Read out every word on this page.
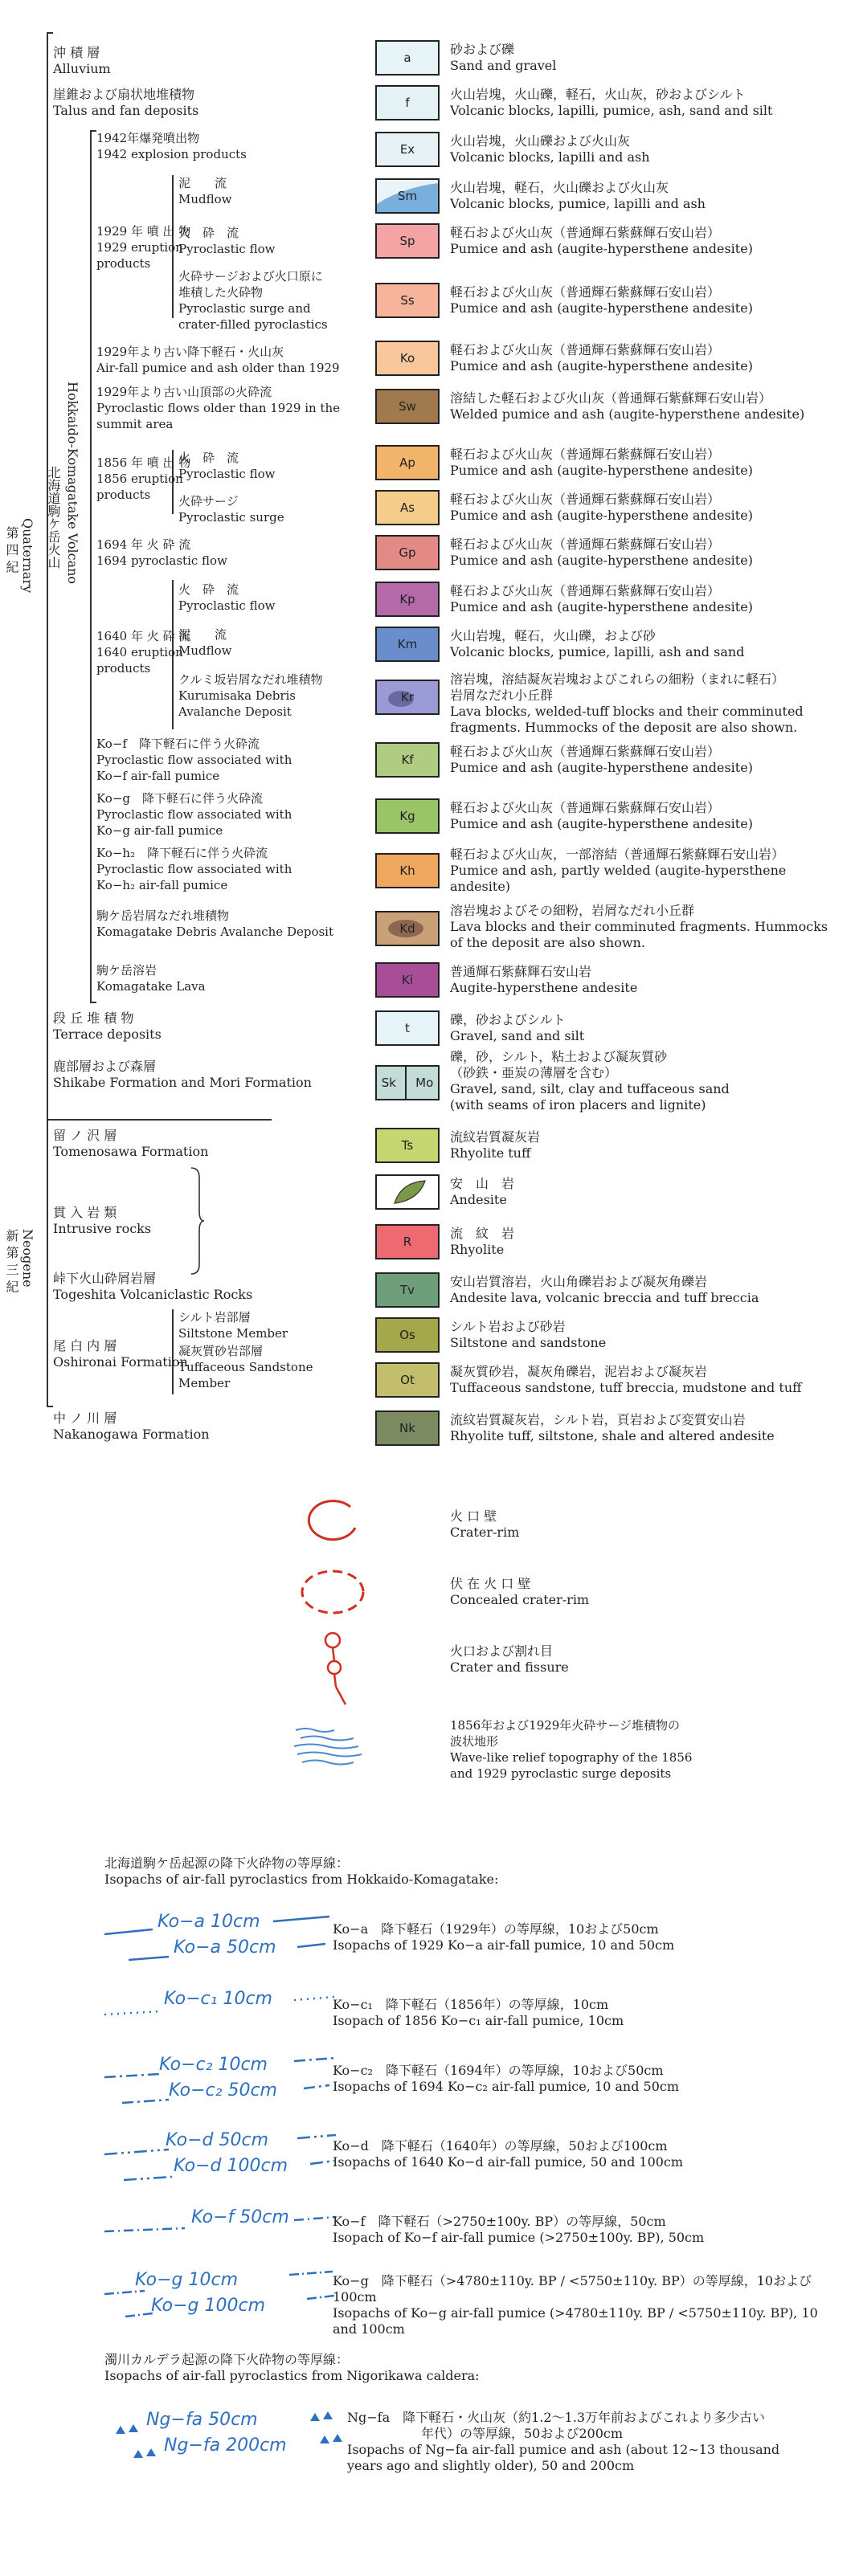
第 四 紀 Quaternary 北海道駒ケ岳火山 Hokkaido-Komagatake Volcano
新 第 三 紀 Neogene
沖 積 層
Alluvium
崖錐および扇状地堆積物
Talus and fan deposits
1942年爆発噴出物
1942 explosion products
1929 年 噴 出 物
1929 eruption
products
泥　　流
Mudflow
火　砕　流
Pyroclastic flow
火砕サージおよび火口原に
堆積した火砕物
Pyroclastic surge and
crater-filled pyroclastics
1929年より古い降下軽石・火山灰
Air-fall pumice and ash older than 1929
1929年より古い山頂部の火砕流
Pyroclastic flows older than 1929 in the
summit area
1856 年 噴 出 物
1856 eruption
products
火　砕　流
Pyroclastic flow
火砕サージ
Pyroclastic surge
1694 年 火 砕 流
1694 pyroclastic flow
1640 年 火 砕 流
1640 eruption
products
火　砕　流
Pyroclastic flow
泥　　流
Mudflow
クルミ坂岩屑なだれ堆積物
Kurumisaka Debris
Avalanche Deposit
Ko−f　降下軽石に伴う火砕流
Pyroclastic flow associated with
Ko−f air-fall pumice
Ko−g　降下軽石に伴う火砕流
Pyroclastic flow associated with
Ko−g air-fall pumice
Ko−h₂　降下軽石に伴う火砕流
Pyroclastic flow associated with
Ko−h₂ air-fall pumice
駒ケ岳岩屑なだれ堆積物
Komagatake Debris Avalanche Deposit
駒ケ岳溶岩
Komagatake Lava
段 丘 堆 積 物
Terrace deposits
鹿部層および森層
Shikabe Formation and Mori Formation
留 ノ 沢 層
Tomenosawa Formation
貫 入 岩 類
Intrusive rocks
峠下火山砕屑岩層
Togeshita Volcaniclastic Rocks
尾 白 内 層
Oshironai Formation
シルト岩部層
Siltstone Member
凝灰質砂岩部層
Tuffaceous Sandstone
Member
中 ノ 川 層
Nakanogawa Formation
a
砂および礫
Sand and gravel
f
火山岩塊，火山礫，軽石，火山灰，砂およびシルト
Volcanic blocks, lapilli, pumice, ash, sand and silt
Ex
火山岩塊，火山礫および火山灰
Volcanic blocks, lapilli and ash
Sm
火山岩塊，軽石，火山礫および火山灰
Volcanic blocks, pumice, lapilli and ash
Sp
軽石および火山灰（普通輝石紫蘇輝石安山岩）
Pumice and ash (augite-hypersthene andesite)
Ss
軽石および火山灰（普通輝石紫蘇輝石安山岩）
Pumice and ash (augite-hypersthene andesite)
Ko
軽石および火山灰（普通輝石紫蘇輝石安山岩）
Pumice and ash (augite-hypersthene andesite)
Sw
溶結した軽石および火山灰（普通輝石紫蘇輝石安山岩）
Welded pumice and ash (augite-hypersthene andesite)
Ap
軽石および火山灰（普通輝石紫蘇輝石安山岩）
Pumice and ash (augite-hypersthene andesite)
As
軽石および火山灰（普通輝石紫蘇輝石安山岩）
Pumice and ash (augite-hypersthene andesite)
Gp
軽石および火山灰（普通輝石紫蘇輝石安山岩）
Pumice and ash (augite-hypersthene andesite)
Kp
軽石および火山灰（普通輝石紫蘇輝石安山岩）
Pumice and ash (augite-hypersthene andesite)
Km
火山岩塊，軽石，火山礫，および砂
Volcanic blocks, pumice, lapilli, ash and sand
Kr
溶岩塊，溶結凝灰岩塊およびこれらの細粉（まれに軽石）
岩屑なだれ小丘群
Lava blocks, welded-tuff blocks and their comminuted
fragments. Hummocks of the deposit are also shown.
Kf
軽石および火山灰（普通輝石紫蘇輝石安山岩）
Pumice and ash (augite-hypersthene andesite)
Kg
軽石および火山灰（普通輝石紫蘇輝石安山岩）
Pumice and ash (augite-hypersthene andesite)
Kh
軽石および火山灰，一部溶結（普通輝石紫蘇輝石安山岩）
Pumice and ash, partly welded (augite-hypersthene
andesite)
Kd
溶岩塊およびその細粉，岩屑なだれ小丘群
Lava blocks and their comminuted fragments. Hummocks
of the deposit are also shown.
Ki
普通輝石紫蘇輝石安山岩
Augite-hypersthene andesite
t
礫，砂およびシルト
Gravel, sand and silt
Sk Mo
礫，砂，シルト，粘土および凝灰質砂
（砂鉄・亜炭の薄層を含む）
Gravel, sand, silt, clay and tuffaceous sand
(with seams of iron placers and lignite)
Ts
流紋岩質凝灰岩
Rhyolite tuff
安　山　岩
Andesite
R
流　紋　岩
Rhyolite
Tv
安山岩質溶岩，火山角礫岩および凝灰角礫岩
Andesite lava, volcanic breccia and tuff breccia
Os
シルト岩および砂岩
Siltstone and sandstone
Ot
凝灰質砂岩，凝灰角礫岩，泥岩および凝灰岩
Tuffaceous sandstone, tuff breccia, mudstone and tuff
Nk
流紋岩質凝灰岩，シルト岩，頁岩および変質安山岩
Rhyolite tuff, siltstone, shale and altered andesite
火 口 壁
Crater-rim
伏 在 火 口 壁
Concealed crater-rim
火口および割れ目
Crater and fissure
1856年および1929年火砕サージ堆積物の
波状地形
Wave-like relief topography of the 1856
and 1929 pyroclastic surge deposits
北海道駒ケ岳起源の降下火砕物の等厚線：
Isopachs of air-fall pyroclastics from Hokkaido-Komagatake:
Ko−a 10cm
Ko−a 50cm
Ko−a　降下軽石（1929年）の等厚線，10および50cm
Isopachs of 1929 Ko−a air-fall pumice, 10 and 50cm
Ko−c₁ 10cm	Ko−c₁　降下軽石（1856年）の等厚線，10cm
Isopach of 1856 Ko−c₁ air-fall pumice, 10cm
Ko−c₂ 10cm
Ko−c₂ 50cm
Ko−c₂　降下軽石（1694年）の等厚線，10および50cm
Isopachs of 1694 Ko−c₂ air-fall pumice, 10 and 50cm
Ko−d 50cm
Ko−d 100cm
Ko−d　降下軽石（1640年）の等厚線，50および100cm
Isopachs of 1640 Ko−d air-fall pumice, 50 and 100cm
Ko−f 50cm	Ko−f　降下軽石（>2750±100y. BP）の等厚線，50cm
Isopach of Ko−f air-fall pumice (>2750±100y. BP), 50cm
Ko−g 10cm
Ko−g 100cm
Ko−g　降下軽石（>4780±110y. BP / <5750±110y. BP）の等厚線，10および100cm
Isopachs of Ko−g air-fall pumice (>4780±110y. BP / <5750±110y. BP), 10 and 100cm
濁川カルデラ起源の降下火砕物の等厚線：
Isopachs of air-fall pyroclastics from Nigorikawa caldera:
Ng−fa 50cm
Ng−fa 200cm
Ng−fa　降下軽石・火山灰（約1.2〜1.3万年前およびこれより多少古い
年代）の等厚線，50および200cm
Isopachs of Ng−fa air-fall pumice and ash (about 12∼13 thousand
years ago and slightly older), 50 and 200cm
